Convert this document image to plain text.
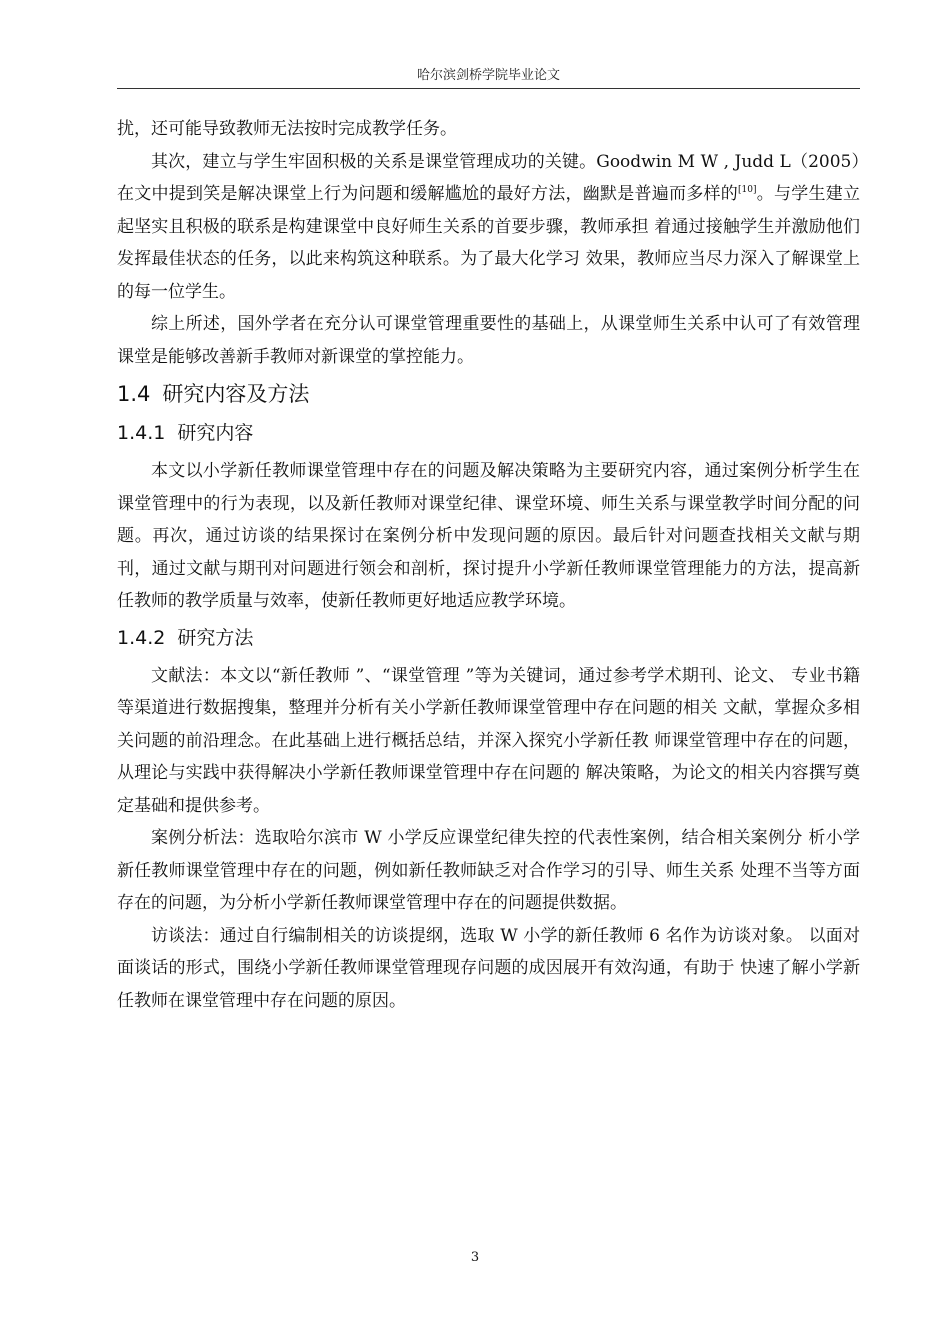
哈尔滨剑桥学院毕业论文

扰，还可能导致教师无法按时完成教学任务。

其次，建立与学生牢固积极的关系是课堂管理成功的关键。Goodwin M W , Judd L（2005）在文中提到笑是解决课堂上行为问题和缓解尴尬的最好方法，幽默是普遍而多样的[10]。与学生建立起坚实且积极的联系是构建课堂中良好师生关系的首要步骤，教师承担 着通过接触学生并激励他们发挥最佳状态的任务，以此来构筑这种联系。为了最大化学习 效果，教师应当尽力深入了解课堂上的每一位学生。

综上所述，国外学者在充分认可课堂管理重要性的基础上，从课堂师生关系中认可了有效管理课堂是能够改善新手教师对新课堂的掌控能力。

1.4 研究内容及方法
1.4.1 研究内容

本文以小学新任教师课堂管理中存在的问题及解决策略为主要研究内容，通过案例分析学生在课堂管理中的行为表现，以及新任教师对课堂纪律、课堂环境、师生关系与课堂教学时间分配的问题。再次，通过访谈的结果探讨在案例分析中发现问题的原因。最后针对问题查找相关文献与期刊，通过文献与期刊对问题进行领会和剖析，探讨提升小学新任教师课堂管理能力的方法，提高新任教师的教学质量与效率，使新任教师更好地适应教学环境。

1.4.2 研究方法

文献法：本文以“新任教师 ”、“课堂管理 ”等为关键词，通过参考学术期刊、论文、 专业书籍等渠道进行数据搜集，整理并分析有关小学新任教师课堂管理中存在问题的相关 文献，掌握众多相关问题的前沿理念。在此基础上进行概括总结，并深入探究小学新任教 师课堂管理中存在的问题，从理论与实践中获得解决小学新任教师课堂管理中存在问题的 解决策略，为论文的相关内容撰写奠定基础和提供参考。

案例分析法：选取哈尔滨市 W 小学反应课堂纪律失控的代表性案例，结合相关案例分 析小学新任教师课堂管理中存在的问题，例如新任教师缺乏对合作学习的引导、师生关系 处理不当等方面存在的问题，为分析小学新任教师课堂管理中存在的问题提供数据。

访谈法：通过自行编制相关的访谈提纲，选取 W 小学的新任教师 6 名作为访谈对象。 以面对面谈话的形式，围绕小学新任教师课堂管理现存问题的成因展开有效沟通，有助于 快速了解小学新任教师在课堂管理中存在问题的原因。

3
